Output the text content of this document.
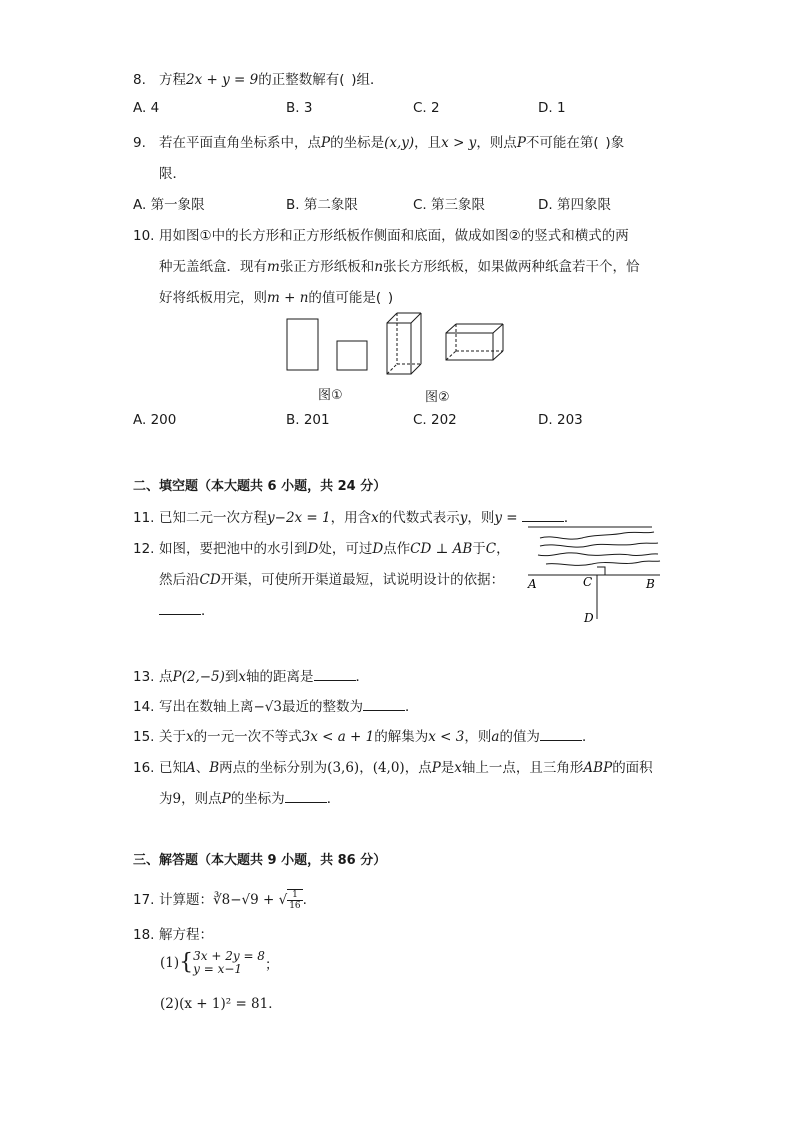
8. 方程2x + y = 9的正整数解有( )组．
A. 4	B. 3	C. 2	D. 1
9. 若在平面直角坐标系中，点P的坐标是(x,y)，且x > y，则点P不可能在第( )象
限．
A. 第一象限	B. 第二象限	C. 第三象限	D. 第四象限
10. 用如图①中的长方形和正方形纸板作侧面和底面，做成如图②的竖式和横式的两
种无盖纸盒．现有m张正方形纸板和n张长方形纸板，如果做两种纸盒若干个，恰
好将纸板用完，则m + n的值可能是( )
图①	图②
A. 200	B. 201	C. 202	D. 203
二、填空题（本大题共 6 小题，共 24 分）
11. 已知二元一次方程y−2x = 1，用含x的代数式表示y，则y =	．
12. 如图，要把池中的水引到D处，可过D点作CD ⊥ AB于C，
然后沿CD开渠，可使所开渠道最短，试说明设计的依据：
．
A	C	B
D
13. 点P(2,−5)到x轴的距离是	．
14. 写出在数轴上离−√3最近的整数为	．
15. 关于x的一元一次不等式3x < a + 1的解集为x < 3，则a的值为	．
16. 已知A、B两点的坐标分别为(3,6)，(4,0)，点P是x轴上一点，且三角形ABP的面积
为9，则点P的坐标为	．
三、解答题（本大题共 9 小题，共 86 分）
17. 计算题：∛8−√9 + √ $\frac{1}{16}$ .
18. 解方程：
(1){ 3x + 2y = 8
y = x−1	；
(2)(x + 1)² = 81．
